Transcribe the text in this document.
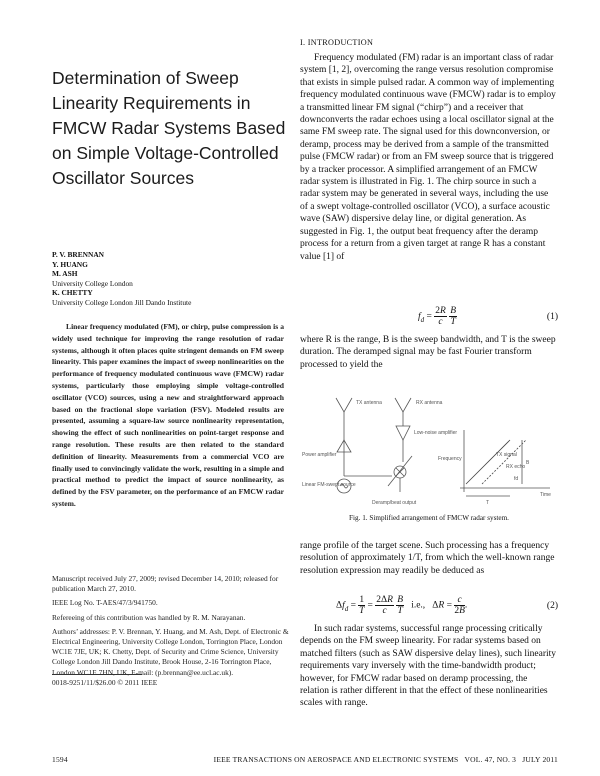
Determination of Sweep Linearity Requirements in FMCW Radar Systems Based on Simple Voltage-Controlled Oscillator Sources
P. V. BRENNAN
Y. HUANG
M. ASH
University College London
K. CHETTY
University College London Jill Dando Institute
Linear frequency modulated (FM), or chirp, pulse compression is a widely used technique for improving the range resolution of radar systems, although it often places quite stringent demands on FM sweep linearity. This paper examines the impact of sweep nonlinearities on the performance of frequency modulated continuous wave (FMCW) radar systems, particularly those employing simple voltage-controlled oscillator (VCO) sources, using a new and straightforward approach based on the fractional slope variation (FSV). Modeled results are presented, assuming a square-law source nonlinearity representation, showing the effect of such nonlinearities on point-target response and range resolution. These results are then related to the standard definition of linearity. Measurements from a commercial VCO are finally used to convincingly validate the work, resulting in a simple and practical method to predict the impact of source nonlinearity, as defined by the FSV parameter, on the performance of an FMCW radar system.

Manuscript received July 27, 2009; revised December 14, 2010; released for publication March 27, 2010.

IEEE Log No. T-AES/47/3/941750.

Refereeing of this contribution was handled by R. M. Narayanan.

Authors’ addresses: P. V. Brennan, Y. Huang, and M. Ash, Dept. of Electronic & Electrical Engineering, University College London, Torrington Place, London WC1E 7JE, UK; K. Chetty, Dept. of Security and Crime Science, University College London Jill Dando Institute, Brook House, 2-16 Torrington Place, London WC1E 7HN, UK, E-mail: (p.brennan@ee.ucl.ac.uk).

0018-9251/11/$26.00 © 2011 IEEE
I. INTRODUCTION
Frequency modulated (FM) radar is an important class of radar system [1, 2], overcoming the range versus resolution compromise that exists in simple pulsed radar. A common way of implementing frequency modulated continuous wave (FMCW) radar is to employ a transmitted linear FM signal (“chirp”) and a receiver that downconverts the radar echoes using a local oscillator signal at the same FM sweep rate. The signal used for this downconversion, or deramp, process may be derived from a sample of the transmitted pulse (FMCW radar) or from an FM sweep source that is triggered by a tracker processor. A simplified arrangement of an FMCW radar system is illustrated in Fig. 1. The chirp source in such a radar system may be generated in several ways, including the use of a swept voltage-controlled oscillator (VCO), a surface acoustic wave (SAW) dispersive delay line, or digital generation. As suggested in Fig. 1, the output beat frequency after the deramp process for a return from a given target at range R has a constant value [1] of
$f_d = \frac{2R}{c}$
$\frac{B}{T}$	(1)
where R is the range, B is the sweep bandwidth, and T is the sweep duration. The deramped signal may be fast Fourier transform processed to yield the
TX antenna	RX antenna
Low-noise amplifier
Power amplifier
Linear FM-swept source
Deramp/beat output
Frequency
TX signal
RX echo
Time
T
B
fd
Fig. 1. Simplified arrangement of FMCW radar system.
range profile of the target scene. Such processing has a frequency resolution of approximately 1/T, from which the well-known range resolution expression may readily be deduced as
$\Delta f_d = \frac{1}{T} = \frac{2\Delta R}{c}$
$\frac{B}{T} i.e$.,   $\Delta R = \frac{c}{2B}$ .	(2)
In such radar systems, successful range processing critically depends on the FM sweep linearity. For radar systems based on matched filters (such as SAW dispersive delay lines), such linearity requirements vary inversely with the time-bandwidth product; however, for FMCW radar based on deramp processing, the relation is rather different in that the effect of these nonlinearities scales with range.
1594	IEEE TRANSACTIONS ON AEROSPACE AND ELECTRONIC SYSTEMS   VOL. 47, NO. 3   JULY 2011
